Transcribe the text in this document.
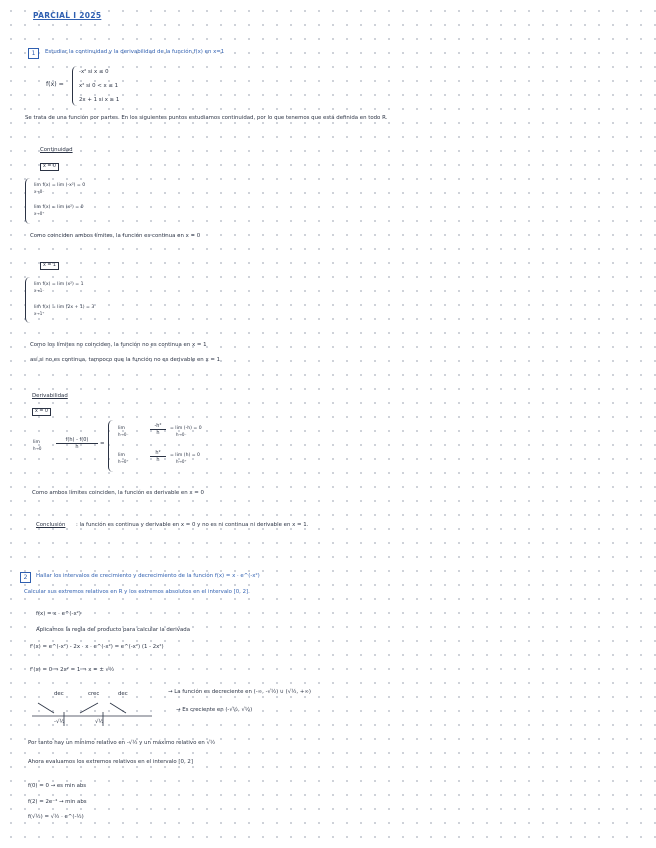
PARCIAL I 2025
1	Estudiar la continuidad y la derivabilidad de la función f(x) en x=1
f(x) =
-x² si x ≤ 0
x² si 0 < x ≤ 1
2x + 1 si x ≥ 1
Se trata de una función por partes. En los siguientes puntos estudiamos continuidad, por lo que tenemos que está definida en todo R.
Continuidad
x = 0
lim f(x) = lim (-x²) = 0
x→0⁻
lim f(x) = lim (x²) = 0
x→0⁺
Como coinciden ambos límites, la función es continua en x = 0
x = 1
lim f(x) = lim (x²) = 1
x→1⁻
lim f(x) = lim (2x + 1) = 3
x→1⁺
Como los límites no coinciden, la función no es continua en x = 1
así si no es continua, tampoco que la función no es derivable en x = 1
Derivabilidad
x = 0
lim
h→0	$\frac{f(h) - f(0)}{h}$ =
lim
h→0⁻	$\frac{\text{-h²}}{h} = \lim (-h) = 0$
h→0⁻
lim
h→0⁺	$\frac{\text{h²}}{h} = \lim (h) = 0$
h→0⁺
Como ambos límites coinciden, la función es derivable en x = 0
Conclusión : la función es continua y derivable en x = 0 y no es ni continua ni derivable en x = 1.
2	Hallar los intervalos de crecimiento y decrecimiento de la función f(x) = x · e^(-x²)
Calcular sus extremos relativos en R y los extremos absolutos en el intervalo [0, 2].
f(x) = x · e^(-x²)
Aplicamos la regla del producto para calcular la derivada
f'(x) = e^(-x²) - 2x · x · e^(-x²) = e^(-x²) (1 - 2x²)
f'(x) = 0 ⇒ 2x² = 1 ⇒ x = ± √½
dec	crec	dec
-√½	√½
→ La función es decreciente en (-∞, -√½) ∪ (√½, +∞)
→ Es creciente en (-√½, √½)
Por tanto hay un mínimo relativo en -√½ y un máximo relativo en √½
Ahora evaluamos los extremos relativos en el intervalo [0, 2]
f(0) = 0 → es min abs
f(2) = 2e⁻⁴ → min abs
f(√½) = √½ · e^(-½)
